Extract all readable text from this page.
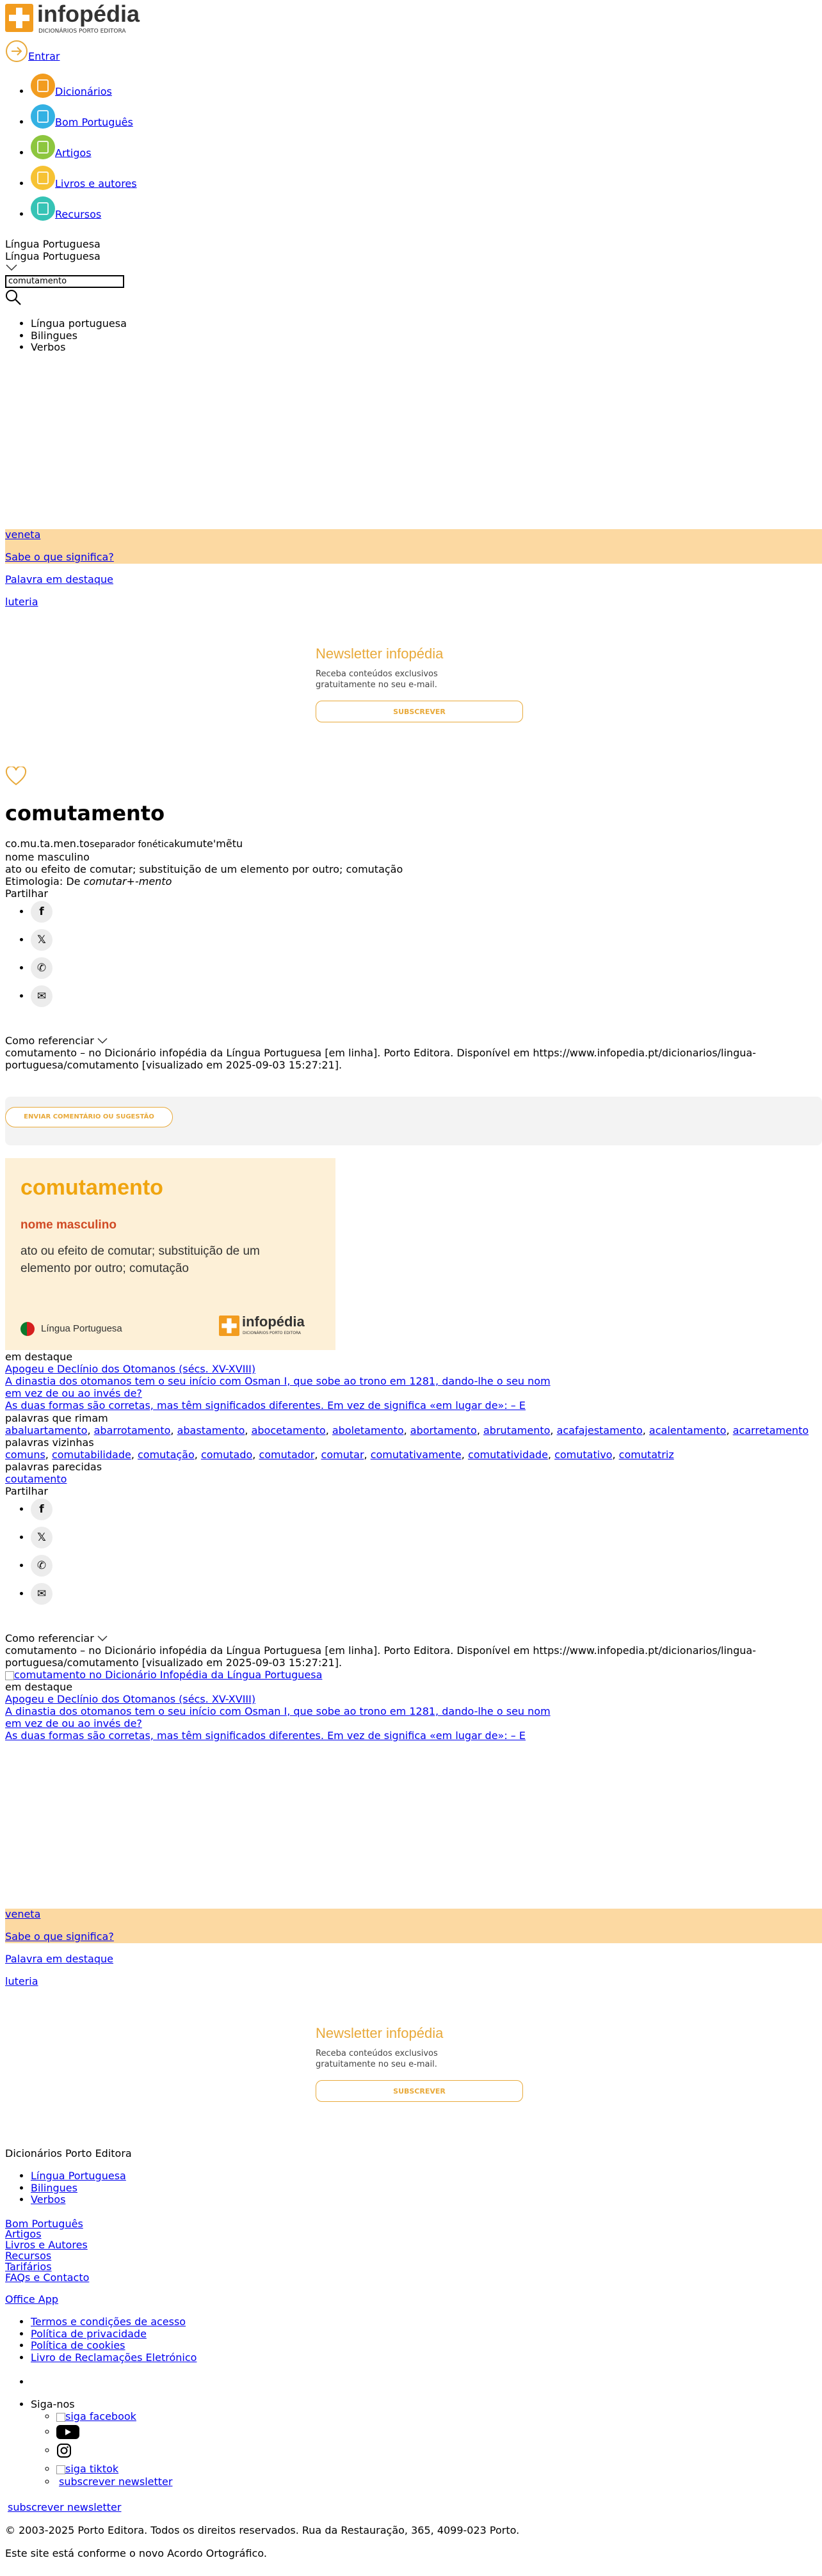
infopédia
DICIONÁRIOS PORTO EDITORA
Entrar
• Dicionários
• Bom Português
• Artigos
• Livros e autores
• Recursos
Língua Portuguesa
Língua Portuguesa
comutamento
• Língua portuguesa
• Bilingues
• Verbos
veneta
Sabe o que significa?
Palavra em destaque
luteria
Newsletter infopédia
Receba conteúdos exclusivos gratuitamente no seu e-mail.
SUBSCREVER
comutamento
co.mu.ta.men.toseparador fonéticakumute'mẽtu
nome masculino
ato ou efeito de comutar; substituição de um elemento por outro; comutação
Etimologia: De comutar+-mento
Partilhar
• f
• 𝕏
• ✆
• ✉
Como referenciar
comutamento – no Dicionário infopédia da Língua Portuguesa [em linha]. Porto Editora. Disponível em https://www.infopedia.pt/dicionarios/lingua-portuguesa/comutamento [visualizado em 2025-09-03 15:27:21].
ENVIAR COMENTÁRIO OU SUGESTÃO
comutamento
nome masculino
ato ou efeito de comutar; substituição de um elemento por outro; comutação
Língua Portuguesa	infopédia
DICIONÁRIOS PORTO EDITORA
em destaque
Apogeu e Declínio dos Otomanos (sécs. XV-XVIII)
A dinastia dos otomanos tem o seu início com Osman I, que sobe ao trono em 1281, dando-lhe o seu nom
em vez de ou ao invés de?
As duas formas são corretas, mas têm significados diferentes. Em vez de significa «em lugar de»: – E
palavras que rimam
abaluartamento, abarrotamento, abastamento, abocetamento, aboletamento, abortamento, abrutamento, acafajestamento, acalentamento, acarretamento
palavras vizinhas
comuns, comutabilidade, comutação, comutado, comutador, comutar, comutativamente, comutatividade, comutativo, comutatriz
palavras parecidas
coutamento
Partilhar
• f
• 𝕏
• ✆
• ✉
Como referenciar
comutamento – no Dicionário infopédia da Língua Portuguesa [em linha]. Porto Editora. Disponível em https://www.infopedia.pt/dicionarios/lingua-portuguesa/comutamento [visualizado em 2025-09-03 15:27:21].
comutamento no Dicionário Infopédia da Língua Portuguesa
em destaque
Apogeu e Declínio dos Otomanos (sécs. XV-XVIII)
A dinastia dos otomanos tem o seu início com Osman I, que sobe ao trono em 1281, dando-lhe o seu nom
em vez de ou ao invés de?
As duas formas são corretas, mas têm significados diferentes. Em vez de significa «em lugar de»: – E
veneta
Sabe o que significa?
Palavra em destaque
luteria
Newsletter infopédia
Receba conteúdos exclusivos gratuitamente no seu e-mail.
SUBSCREVER
Dicionários Porto Editora
• Língua Portuguesa
• Bilingues
• Verbos
Bom Português
Artigos
Livros e Autores
Recursos
Tarifários
FAQs e Contacto
Office App
• Termos e condições de acesso
• Política de privacidade
• Política de cookies
• Livro de Reclamações Eletrónico
•
• Siga-nos
siga facebook
siga tiktok
subscrever newsletter
subscrever newsletter
© 2003-2025 Porto Editora. Todos os direitos reservados. Rua da Restauração, 365, 4099-023 Porto.
Este site está conforme o novo Acordo Ortográfico.
